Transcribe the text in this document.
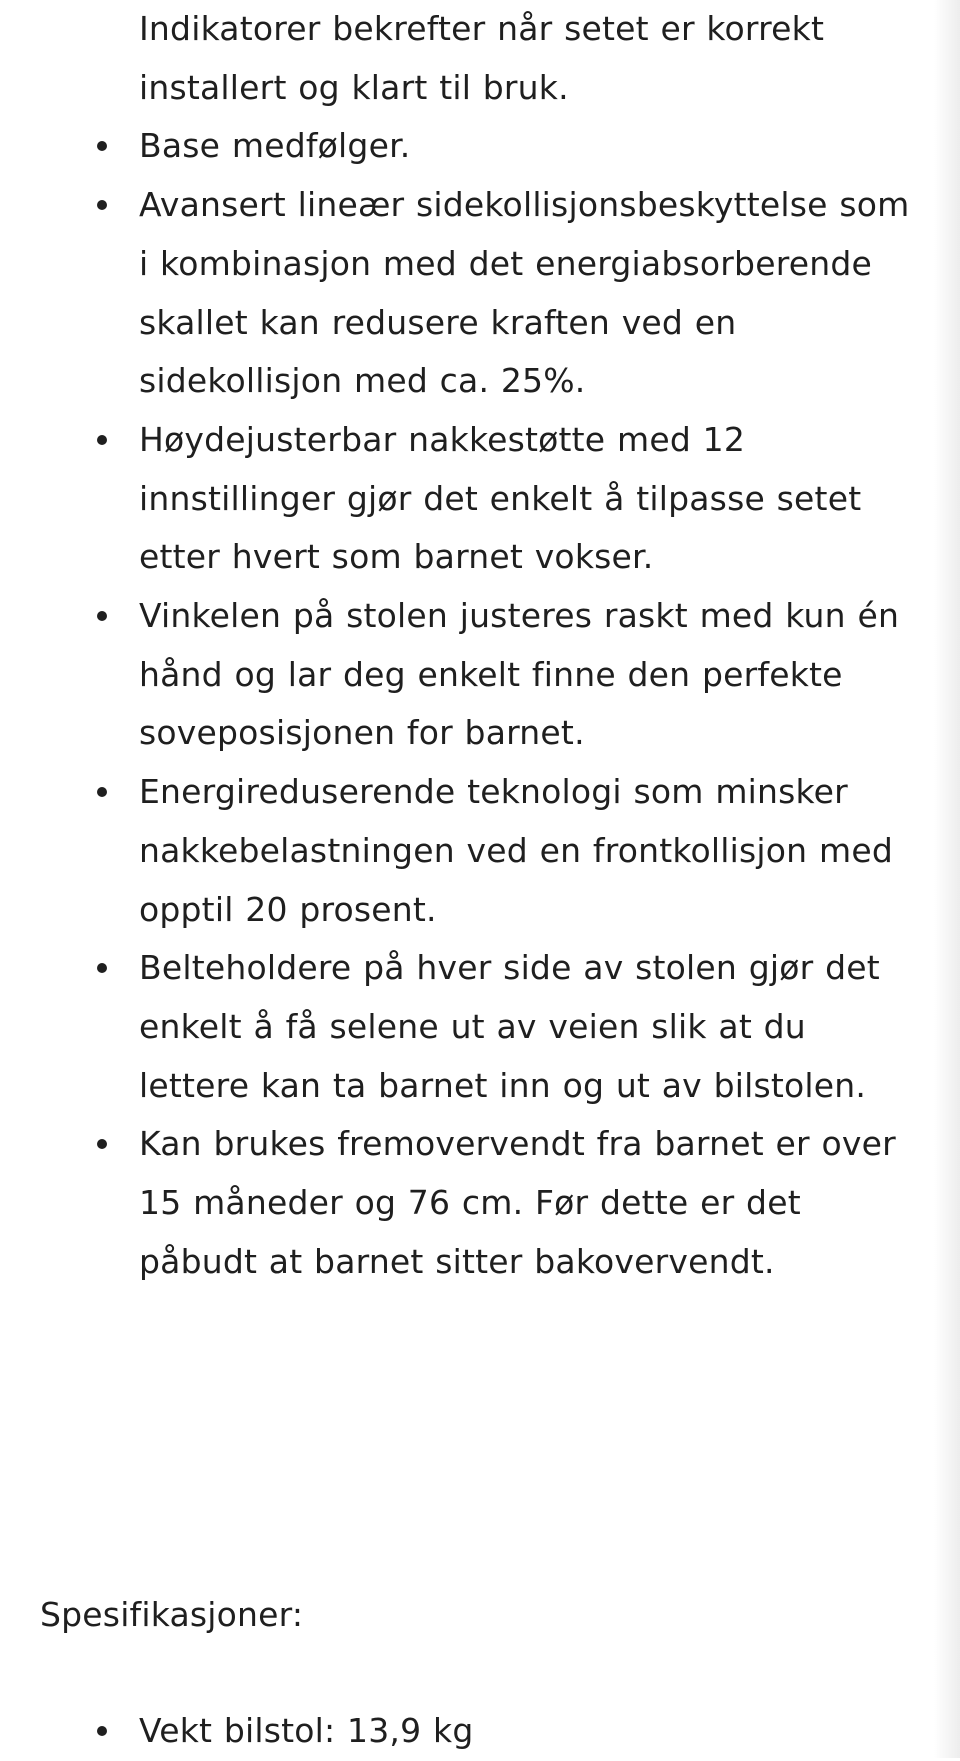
Indikatorer bekrefter når setet er korrekt installert og klart til bruk.
Base medfølger.
Avansert lineær sidekollisjonsbeskyttelse som i kombinasjon med det energiabsorberende skallet kan redusere kraften ved en sidekollisjon med ca. 25%.
Høydejusterbar nakkestøtte med 12 innstillinger gjør det enkelt å tilpasse setet etter hvert som barnet vokser.
Vinkelen på stolen justeres raskt med kun én hånd og lar deg enkelt finne den perfekte soveposisjonen for barnet.
Energireduserende teknologi som minsker nakkebelastningen ved en frontkollisjon med opptil 20 prosent.
Belteholdere på hver side av stolen gjør det enkelt å få selene ut av veien slik at du lettere kan ta barnet inn og ut av bilstolen.
Kan brukes fremovervendt fra barnet er over 15 måneder og 76 cm. Før dette er det påbudt at barnet sitter bakovervendt.
Spesifikasjoner:
Vekt bilstol: 13,9 kg
